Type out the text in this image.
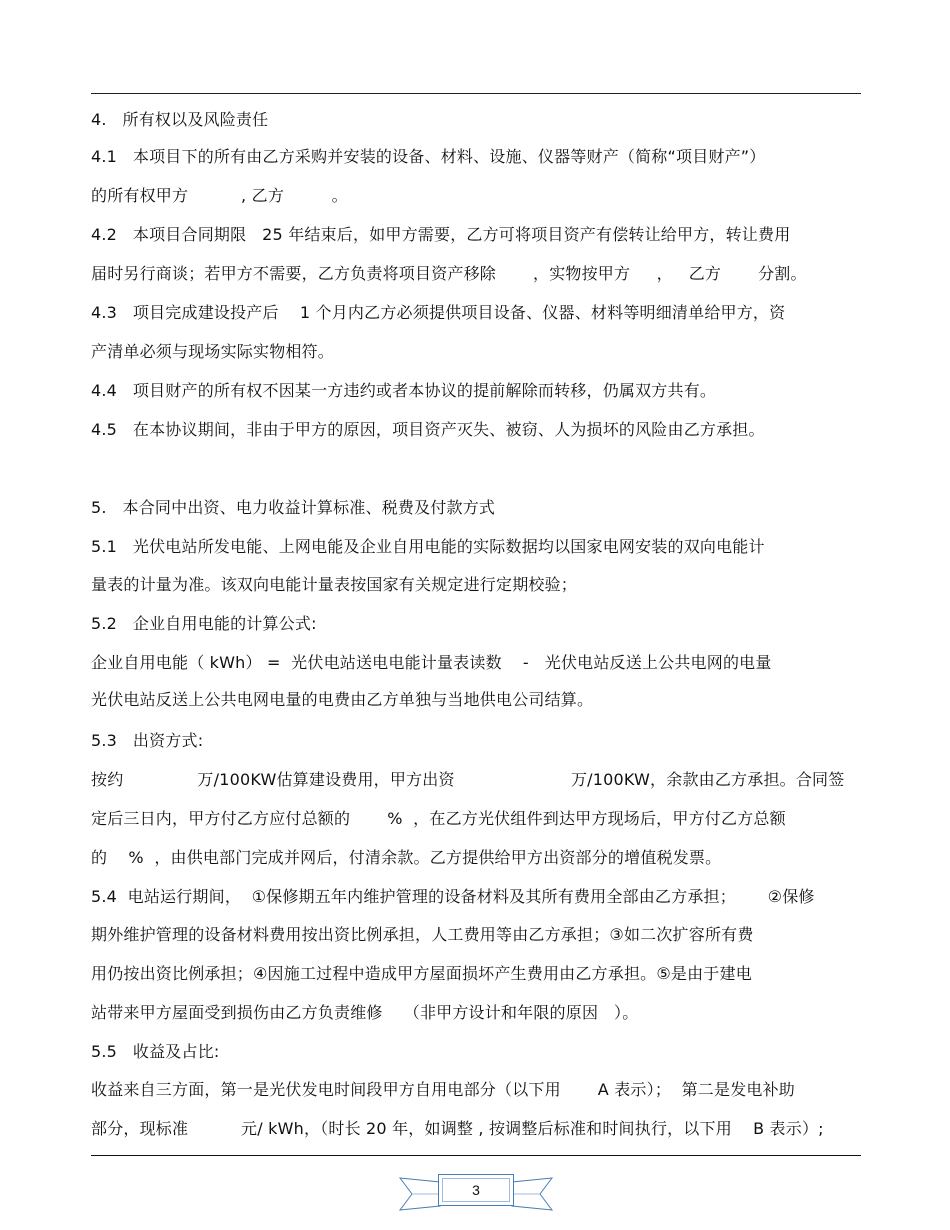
4.   所有权以及风险责任
4.1   本项目下的所有由乙方采购并安装的设备、材料、设施、仪器等财产（简称“项目财产”）
的所有权甲方          , 乙方         。
4.2   本项目合同期限   25 年结束后，如甲方需要，乙方可将项目资产有偿转让给甲方，转让费用
届时另行商谈；若甲方不需要，乙方负责将项目资产移除       ，实物按甲方     ，   乙方       分割。
4.3   项目完成建设投产后    1 个月内乙方必须提供项目设备、仪器、材料等明细清单给甲方，资
产清单必须与现场实际实物相符。
4.4   项目财产的所有权不因某一方违约或者本协议的提前解除而转移，仍属双方共有。
4.5   在本协议期间，非由于甲方的原因，项目资产灭失、被窃、人为损坏的风险由乙方承担。
5.   本合同中出资、电力收益计算标准、税费及付款方式
5.1   光伏电站所发电能、上网电能及企业自用电能的实际数据均以国家电网安装的双向电能计
量表的计量为准。该双向电能计量表按国家有关规定进行定期校验；
5.2   企业自用电能的计算公式:
企业自用电能（ kWh） =  光伏电站送电电能计量表读数    -   光伏电站反送上公共电网的电量
光伏电站反送上公共电网电量的电费由乙方单独与当地供电公司结算。
5.3   出资方式:
按约              万/100KW估算建设费用，甲方出资                      万/100KW，余款由乙方承担。合同签
定后三日内，甲方付乙方应付总额的       %  ，在乙方光伏组件到达甲方现场后，甲方付乙方总额
的    %  ，由供电部门完成并网后，付清余款。乙方提供给甲方出资部分的增值税发票。
5.4  电站运行期间，  ①保修期五年内维护管理的设备材料及其所有费用全部由乙方承担；      ②保修
期外维护管理的设备材料费用按出资比例承担，人工费用等由乙方承担；③如二次扩容所有费
用仍按出资比例承担；④因施工过程中造成甲方屋面损坏产生费用由乙方承担。⑤是由于建电
站带来甲方屋面受到损伤由乙方负责维修    （非甲方设计和年限的原因   ）。
5.5   收益及占比:
收益来自三方面，第一是光伏发电时间段甲方自用电部分（以下用       A 表示）；  第二是发电补助
部分，现标准          元/ kWh，（时长 20 年，如调整 , 按调整后标准和时间执行，以下用    B 表示）;
3
